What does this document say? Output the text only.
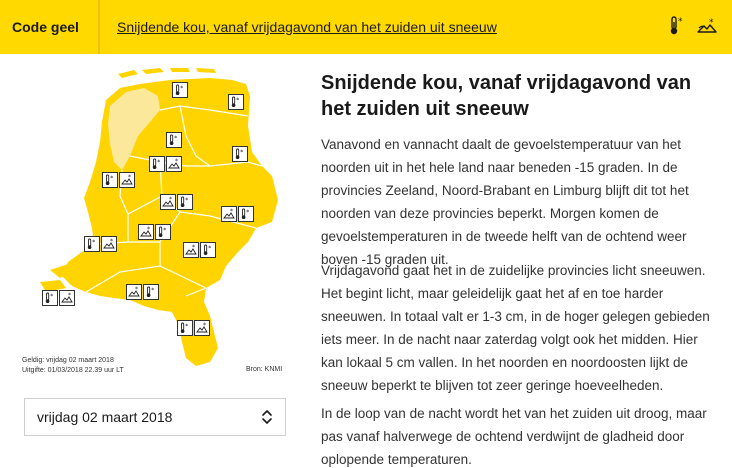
Code geel	Snijdende kou, vanaf vrijdagavond van het zuiden uit sneeuw	*	*
*
*
*
*
* *
* *
* *
* *
* *
* *
* *
* *
* *
* *
Geldig: vrijdag 02 maart 2018
Uitgifte: 01/03/2018 22.39 uur LT	Bron: KNMI
vrijdag 02 maart 2018
Snijdende kou, vanaf vrijdagavond van het zuiden uit sneeuw

Vanavond en vannacht daalt de gevoelstemperatuur van het noorden uit in het hele land naar beneden -15 graden. In de provincies Zeeland, Noord-Brabant en Limburg blijft dit tot het noorden van deze provincies beperkt. Morgen komen de gevoelstemperaturen in de tweede helft van de ochtend weer boven -15 graden uit.

Vrijdagavond gaat het in de zuidelijke provincies licht sneeuwen. Het begint licht, maar geleidelijk gaat het af en toe harder sneeuwen. In totaal valt er 1-3 cm, in de hoger gelegen gebieden iets meer. In de nacht naar zaterdag volgt ook het midden. Hier kan lokaal 5 cm vallen. In het noorden en noordoosten lijkt de sneeuw beperkt te blijven tot zeer geringe hoeveelheden.

In de loop van de nacht wordt het van het zuiden uit droog, maar pas vanaf halverwege de ochtend verdwijnt de gladheid door oplopende temperaturen.
